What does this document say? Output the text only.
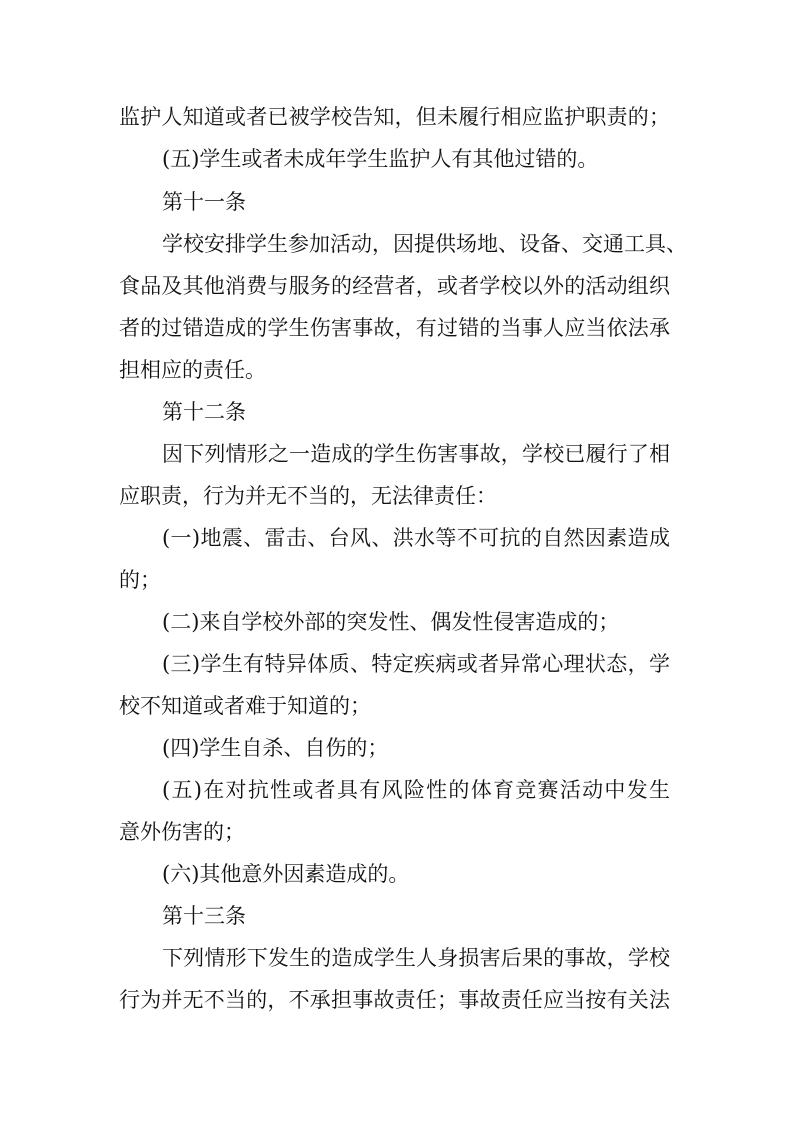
监护人知道或者已被学校告知，但未履行相应监护职责的；
(五)学生或者未成年学生监护人有其他过错的。
第十一条
学校安排学生参加活动，因提供场地、设备、交通工具、
食品及其他消费与服务的经营者，或者学校以外的活动组织
者的过错造成的学生伤害事故，有过错的当事人应当依法承
担相应的责任。
第十二条
因下列情形之一造成的学生伤害事故，学校已履行了相
应职责，行为并无不当的，无法律责任：
(一)地震、雷击、台风、洪水等不可抗的自然因素造成
的；
(二)来自学校外部的突发性、偶发性侵害造成的；
(三)学生有特异体质、特定疾病或者异常心理状态，学
校不知道或者难于知道的；
(四)学生自杀、自伤的；
(五)在对抗性或者具有风险性的体育竞赛活动中发生
意外伤害的；
(六)其他意外因素造成的。
第十三条
下列情形下发生的造成学生人身损害后果的事故，学校
行为并无不当的，不承担事故责任；事故责任应当按有关法
